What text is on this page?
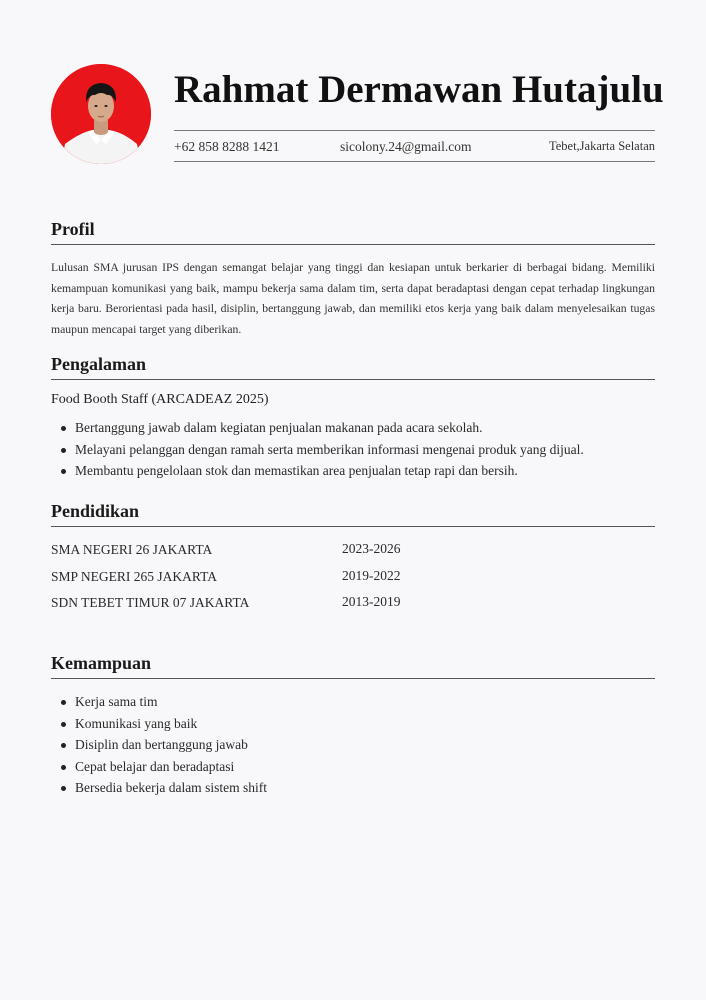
Rahmat Dermawan Hutajulu
+62 858 8288 1421	sicolony.24@gmail.com	Tebet,Jakarta Selatan
Profil
Lulusan SMA jurusan IPS dengan semangat belajar yang tinggi dan kesiapan untuk berkarier di berbagai bidang. Memiliki kemampuan komunikasi yang baik, mampu bekerja sama dalam tim, serta dapat beradaptasi dengan cepat terhadap lingkungan kerja baru. Berorientasi pada hasil, disiplin, bertanggung jawab, dan memiliki etos kerja yang baik dalam menyelesaikan tugas maupun mencapai target yang diberikan.
Pengalaman
Food Booth Staff (ARCADEAZ 2025)
Bertanggung jawab dalam kegiatan penjualan makanan pada acara sekolah.
Melayani pelanggan dengan ramah serta memberikan informasi mengenai produk yang dijual.
Membantu pengelolaan stok dan memastikan area penjualan tetap rapi dan bersih.
Pendidikan
SMA NEGERI 26 JAKARTA	2023-2026
SMP NEGERI 265 JAKARTA	2019-2022
SDN TEBET TIMUR 07 JAKARTA	2013-2019
Kemampuan
Kerja sama tim
Komunikasi yang baik
Disiplin dan bertanggung jawab
Cepat belajar dan beradaptasi
Bersedia bekerja dalam sistem shift
